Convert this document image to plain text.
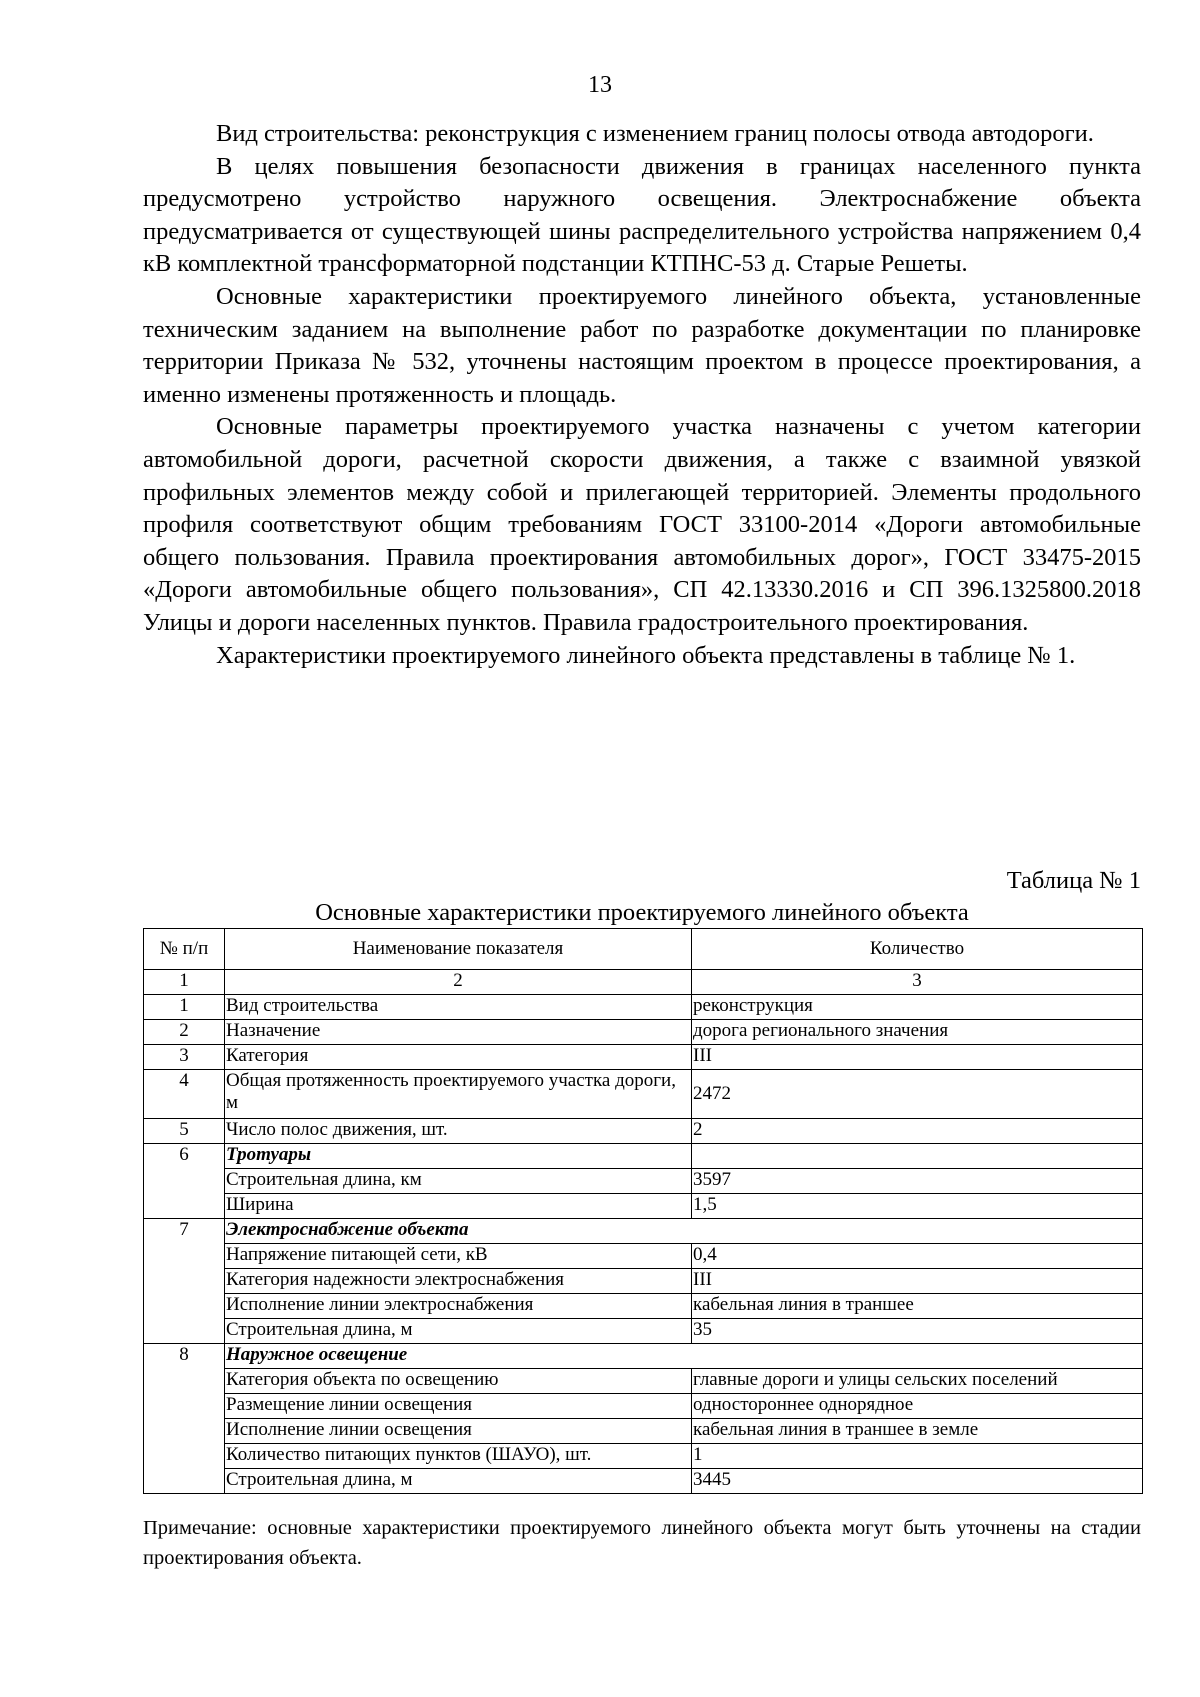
13

Вид строительства: реконструкция с изменением границ полосы отвода автодороги.

В целях повышения безопасности движения в границах населенного пункта предусмотрено устройство наружного освещения. Электроснабжение объекта предусматривается от существующей шины распределительного устройства напряжением 0,4 кВ комплектной трансформаторной подстанции КТПНС-53 д. Старые Решеты.

Основные характеристики проектируемого линейного объекта, установленные техническим заданием на выполнение работ по разработке документации по планировке территории Приказа № 532, уточнены настоящим проектом в процессе проектирования, а именно изменены протяженность и площадь.

Основные параметры проектируемого участка назначены с учетом категории автомобильной дороги, расчетной скорости движения, а также с взаимной увязкой профильных элементов между собой и прилегающей территорией. Элементы продольного профиля соответствуют общим требованиям ГОСТ 33100-2014 «Дороги автомобильные общего пользования. Правила проектирования автомобильных дорог», ГОСТ 33475-2015 «Дороги автомобильные общего пользования», СП 42.13330.2016 и СП 396.1325800.2018 Улицы и дороги населенных пунктов. Правила градостроительного проектирования.

Характеристики проектируемого линейного объекта представлены в таблице № 1.

Таблица № 1
Основные характеристики проектируемого линейного объекта
№ п/п	Наименование показателя	Количество
1	2	3
1	Вид строительства	реконструкция
2	Назначение	дорога регионального значения
3	Категория	III
4	Общая протяженность проектируемого участка дороги, м	2472
5	Число полос движения, шт.	2
6	Тротуары	
	Строительная длина, км	3597
	Ширина	1,5
7	Электроснабжение объекта	
	Напряжение питающей сети, кВ	0,4
	Категория надежности электроснабжения	III
	Исполнение линии электроснабжения	кабельная линия в траншее
	Строительная длина, м	35
8	Наружное освещение	
	Категория объекта по освещению	главные дороги и улицы сельских поселений
	Размещение линии освещения	одностороннее однорядное
	Исполнение линии освещения	кабельная линия в траншее в земле
	Количество питающих пунктов (ШАУО), шт.	1
	Строительная длина, м	3445
Примечание: основные характеристики проектируемого линейного объекта могут быть уточнены на стадии проектирования объекта.
